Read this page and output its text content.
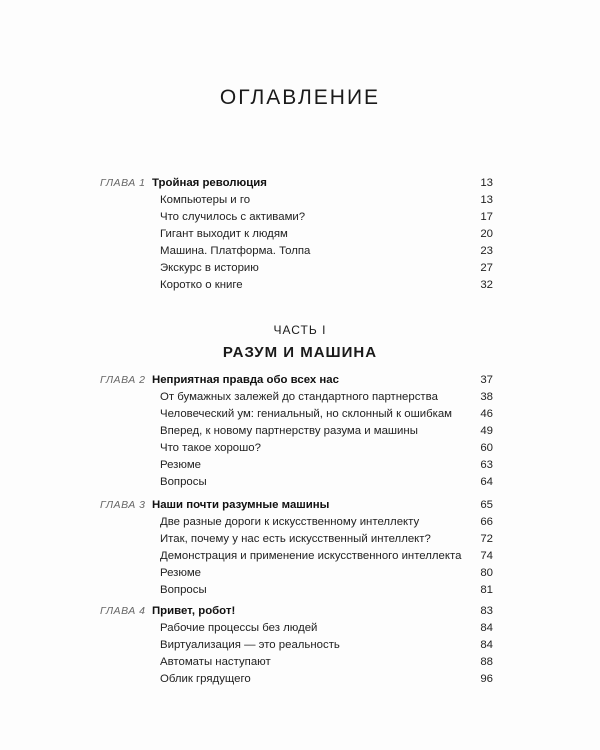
ОГЛАВЛЕНИЕ
ГЛАВА 1 Тройная революция	13
Компьютеры и го	13
Что случилось с активами?	17
Гигант выходит к людям	20
Машина. Платформа. Толпа	23
Экскурс в историю	27
Коротко о книге	32
ЧАСТЬ I
РАЗУМ И МАШИНА
ГЛАВА 2 Неприятная правда обо всех нас	37
От бумажных залежей до стандартного партнерства	38
Человеческий ум: гениальный, но склонный к ошибкам 46
Вперед, к новому партнерству разума и машины	49
Что такое хорошо?	60
Резюме	63
Вопросы	64
ГЛАВА 3 Наши почти разумные машины	65
Две разные дороги к искусственному интеллекту	66
Итак, почему у нас есть искусственный интеллект?	72
Демонстрация и применение искусственного интеллекта 74
Резюме	80
Вопросы	81
ГЛАВА 4 Привет, робот!	83
Рабочие процессы без людей	84
Виртуализация — это реальность	84
Автоматы наступают	88
Облик грядущего	96
